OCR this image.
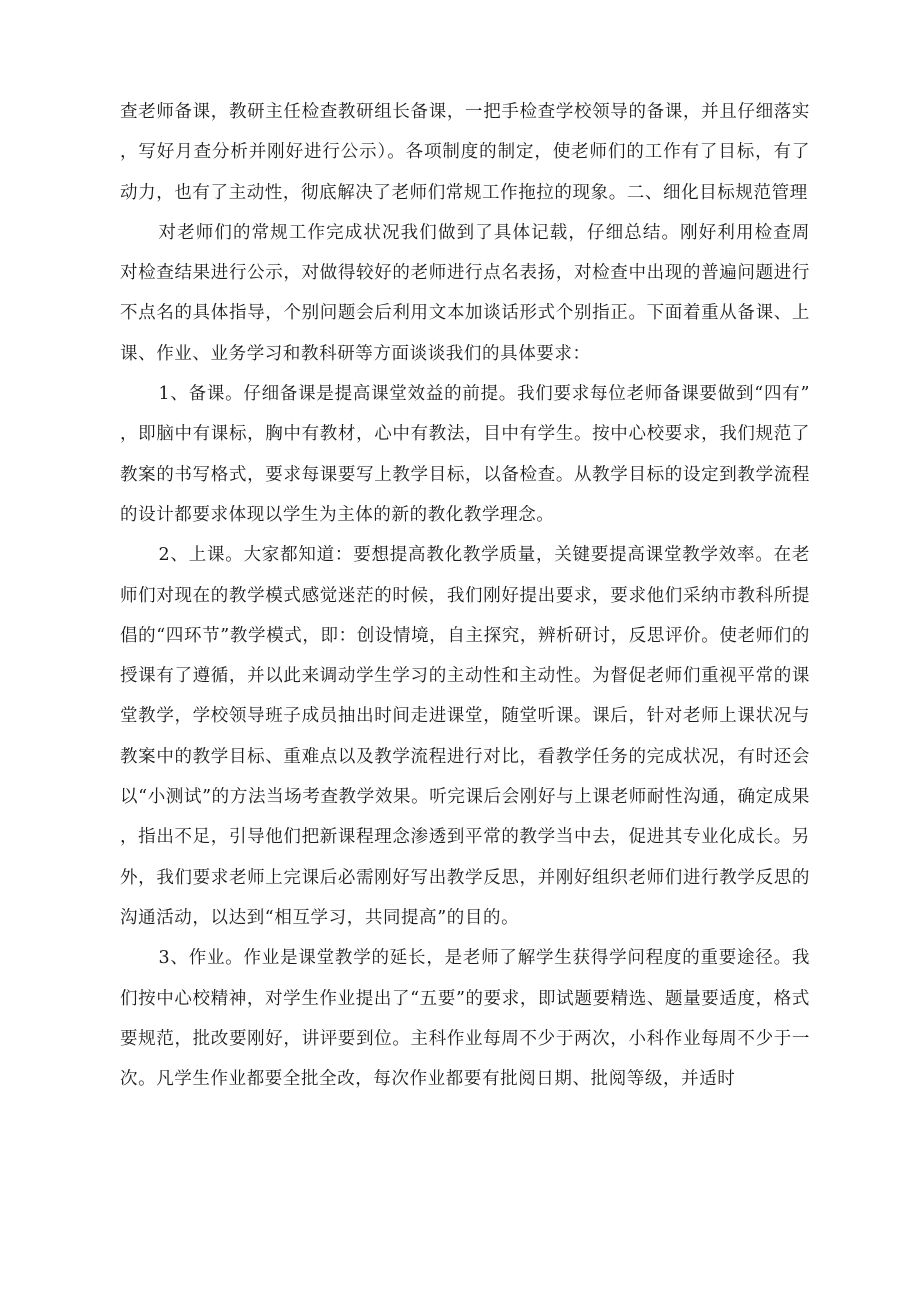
查老师备课，教研主任检查教研组长备课，一把手检查学校领导的备课，并且仔细落实，写好月查分析并刚好进行公示）。各项制度的制定，使老师们的工作有了目标，有了动力，也有了主动性，彻底解决了老师们常规工作拖拉的现象。二、细化目标规范管理

对老师们的常规工作完成状况我们做到了具体记载，仔细总结。刚好利用检查周对检查结果进行公示，对做得较好的老师进行点名表扬，对检查中出现的普遍问题进行不点名的具体指导，个别问题会后利用文本加谈话形式个别指正。下面着重从备课、上课、作业、业务学习和教科研等方面谈谈我们的具体要求：

1、备课。仔细备课是提高课堂效益的前提。我们要求每位老师备课要做到“四有”，即脑中有课标，胸中有教材，心中有教法，目中有学生。按中心校要求，我们规范了教案的书写格式，要求每课要写上教学目标，以备检查。从教学目标的设定到教学流程的设计都要求体现以学生为主体的新的教化教学理念。

2、上课。大家都知道：要想提高教化教学质量，关键要提高课堂教学效率。在老师们对现在的教学模式感觉迷茫的时候，我们刚好提出要求，要求他们采纳市教科所提倡的“四环节”教学模式，即：创设情境，自主探究，辨析研讨，反思评价。使老师们的授课有了遵循，并以此来调动学生学习的主动性和主动性。为督促老师们重视平常的课堂教学，学校领导班子成员抽出时间走进课堂，随堂听课。课后，针对老师上课状况与教案中的教学目标、重难点以及教学流程进行对比，看教学任务的完成状况，有时还会以“小测试”的方法当场考查教学效果。听完课后会刚好与上课老师耐性沟通，确定成果，指出不足，引导他们把新课程理念渗透到平常的教学当中去，促进其专业化成长。另外，我们要求老师上完课后必需刚好写出教学反思，并刚好组织老师们进行教学反思的沟通活动，以达到“相互学习，共同提高”的目的。

3、作业。作业是课堂教学的延长，是老师了解学生获得学问程度的重要途径。我们按中心校精神，对学生作业提出了“五要”的要求，即试题要精选、题量要适度，格式要规范，批改要刚好，讲评要到位。主科作业每周不少于两次，小科作业每周不少于一次。凡学生作业都要全批全改，每次作业都要有批阅日期、批阅等级，并适时
